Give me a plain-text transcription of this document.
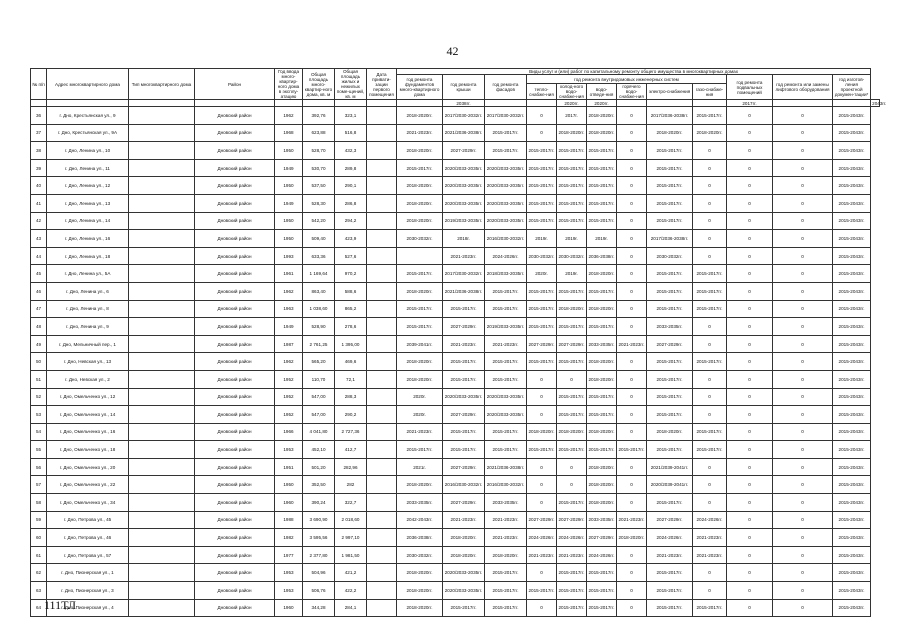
42
№ п/п	Адрес многоквартирного дома	Тип многоквартирного дома	Район	Год ввода много-квартир-ного дома в эксплу-атацию	Общая площадь много-квартир-ного дома, кв. м	Общая площадь жилых и нежилых поме-щений, кв. м	Дата привати-зации первого помещения	Виды услуг и (или) работ по капитальному ремонту общего имущества в многоквартирных домах												
								год ремонта фундаментов много-квартирного дома	год ремонта крыши	год ремонта фасадов	год ремонта внутридомовых инженерных систем						год ремонта подвальных помещений	год ремонта или замены лифтового оборудования	год изготов-ления проектной докумен-тации*	
											тепло-снабже-ния	холод-ного водо-снабже-ния	водо-отведе-ния	горячего водо-снабже-ния	электро-снабжения	газо-снабже-ния				
									2038гг.			2020гг.	2020гг.				2017гг.			2043гг.
36	г. Дно, Крестьянская ул., 9		Дновский район	1962	392,76	323,1		2018-2020гг.	2017/2030-2032гг.	2017/2030-2032гг.	0	2017г.	2018-2020гг.	0	2017/2036-2038гг.	2015-2017гг.	0	0	2015-2043гг.	
37	г. Дно, Крестьянская ул., 9А		Дновский район	1968	623,88	516,8		2021-2023гг.	2021/2036-2038гг.	2015-2017гг.	0	2018-2020гг.	2018-2020гг.	0	2018-2020гг.	2018-2020гг.	0	0	2015-2043гг.	
38	г. Дно, Ленина ул., 10		Дновский район	1950	528,70	432,3		2018-2020гг.	2027-2029гг.	2015-2017гг.	2015-2017гг.	2015-2017гг.	2015-2017гг.	0	2015-2017гг.	0	0	0	2015-2043гг.	
39	г. Дно, Ленина ул., 11		Дновский район	1949	530,70	289,8		2015-2017гг.	2020/2033-2035гг.	2020/2033-2035гг.	2015-2017гг.	2015-2017гг.	2015-2017гг.	0	2015-2017гг.	0	0	0	2015-2043гг.	
40	г. Дно, Ленина ул., 12		Дновский район	1950	537,50	290,1		2018-2020гг.	2020/2033-2035гг.	2020/2033-2035гг.	2015-2017гг.	2015-2017гг.	2015-2017гг.	0	2015-2017гг.	0	0	0	2015-2043гг.	
41	г. Дно, Ленина ул., 13		Дновский район	1949	528,30	286,8		2018-2020гг.	2020/2033-2035гг.	2020/2033-2035гг.	2015-2017гг.	2015-2017гг.	2015-2017гг.	0	2015-2017гг.	0	0	0	2015-2043гг.	
42	г. Дно, Ленина ул., 14		Дновский район	1950	542,20	294,2		2018-2020гг.	2019/2033-2035гг.	2020/2033-2035гг.	2015-2017гг.	2015-2017гг.	2015-2017гг.	0	2015-2017гг.	0	0	0	2015-2043гг.	
43	г. Дно, Ленина ул., 16		Дновский район	1950	509,40	423,9		2030-2032гг.	2018г.	2016/2030-2032гг.	2019г.	2019г.	2019г.	0	2017/2036-2038гг.	0	0	0	2015-2043гг.	
44	г. Дно, Ленина ул., 18		Дновский район	1993	633,36	527,6			2021-2023гг.	2024-2026гг.	2030-2032гг.	2030-2032гг.	2036-2038гг.	0	2030-2032гг.	0	0	0	2015-2043гг.	
45	г. Дно, Ленина ул., 5А		Дновский район	1961	1 169,64	970,2		2015-2017гг.	2017/2030-2032гг.	2018/2033-2035гг.	2020г.	2019г.	2018-2020гг.	0	2015-2017гг.	2015-2017гг.	0	0	2015-2043гг.	
46	г. Дно, Ленина ул., 6		Дновский район	1962	863,40	588,6		2018-2020гг.	2021/2036-2038гг.	2015-2017гг.	2015-2017гг.	2015-2017гг.	2015-2017гг.	0	2015-2017гг.	2015-2017гг.	0	0	2015-2043гг.	
47	г. Дно, Ленина ул., 8		Дновский район	1963	1 038,60	865,2		2015-2017гг.	2015-2017гг.	2015-2017гг.	2015-2017гг.	2018-2020гг.	2018-2020гг.	0	2015-2017гг.	2015-2017гг.	0	0	2015-2043гг.	
48	г. Дно, Ленина ул., 9		Дновский район	1949	528,90	278,6		2015-2017гг.	2027-2029гг.	2019/2033-2035гг.	2015-2017гг.	2015-2017гг.	2015-2017гг.	0	2033-2035гг.	0	0	0	2015-2043гг.	
49	г. Дно, Мельничный пер., 1		Дновский район	1987	2 761,25	1 395,00		2039-2041гг.	2021-2023гг.	2021-2023гг.	2027-2029гг.	2027-2029гг.	2033-2035гг.	2021-2023гг.	2027-2029гг.	0	0	0	2015-2043гг.	
50	г. Дно, Невская ул., 13		Дновский район	1962	565,20	469,6		2018-2020гг.	2015-2017гг.	2015-2017гг.	2015-2017гг.	2015-2017гг.	2018-2020гг.	0	2015-2017гг.	2015-2017гг.	0	0	2015-2043гг.	
51	г. Дно, Невская ул., 2		Дновский район	1952	110,70	72,1		2018-2020гг.	2015-2017гг.	2015-2017гг.	0	0	2018-2020гг.	0	2015-2017гг.	0	0	0	2015-2043гг.	
52	г. Дно, Омельченко ул., 12		Дновский район	1952	547,00	288,3		2020г.	2020/2033-2035гг.	2020/2033-2035гг.	0	2015-2017гг.	2015-2017гг.	0	2015-2017гг.	0	0	0	2015-2043гг.	
53	г. Дно, Омельченко ул., 14		Дновский район	1952	547,00	290,2		2020г.	2027-2029гг.	2020/2033-2035гг.	0	2015-2017гг.	2015-2017гг.	0	2015-2017гг.	0	0	0	2015-2043гг.	
54	г. Дно, Омельченко ул., 16		Дновский район	1966	4 041,80	2 727,36		2021-2023гг.	2015-2017гг.	2015-2017гг.	2018-2020гг.	2018-2020гг.	2018-2020гг.	0	2018-2020гг.	2015-2017гг.	0	0	2015-2043гг.	
55	г. Дно, Омельченко ул., 18		Дновский район	1953	452,10	412,7		2015-2017гг.	2015-2017гг.	2015-2017гг.	2015-2017гг.	2015-2017гг.	2015-2017гг.	2015-2017гг.	2015-2017гг.	2015-2017гг.	0	0	2015-2043гг.	
56	г. Дно, Омельченко ул., 20		Дновский район	1951	501,20	282,96		2021г.	2027-2029гг.	2021/2036-2038гг.	0	0	2018-2020гг.	0	2021/2039-2041гг.	0	0	0	2015-2043гг.	
57	г. Дно, Омельченко ул., 22		Дновский район	1950	352,50	282		2018-2020гг.	2016/2030-2032гг.	2016/2030-2032гг.	0	0	2018-2020гг.	0	2020/2039-2041гг.	0	0	0	2015-2043гг.	
58	г. Дно, Омельченко ул., 34		Дновский район	1960	390,24	322,7		2033-2035гг.	2027-2029гг.	2033-2035гг.	0	2015-2017гг.	2018-2020гг.	0	2015-2017гг.	0	0	0	2015-2043гг.	
59	г. Дно, Петрова ул., 45		Дновский район	1988	3 690,90	2 018,60		2042-2043гг.	2021-2023гг.	2021-2023гг.	2027-2029гг.	2027-2029гг.	2033-2035гг.	2021-2023гг.	2027-2029гг.	2024-2026гг.	0	0	2015-2043гг.	
60	г. Дно, Петрова ул., 46		Дновский район	1982	3 595,56	2 997,10		2036-2038гг.	2018-2020гг.	2021-2023гг.	2024-2026гг.	2024-2026гг.	2027-2029гг.	2018-2020гг.	2024-2026гг.	2021-2023гг.	0	0	2015-2043гг.	
61	г. Дно, Петрова ул., 57		Дновский район	1977	2 377,80	1 981,50		2030-2032гг.	2018-2020гг.	2018-2020гг.	2021-2023гг.	2021-2023гг.	2024-2026гг.	0	2021-2023гг.	2021-2023гг.	0	0	2015-2043гг.	
62	г. Дно, Пионерская ул., 1		Дновский район	1953	504,96	421,2		2018-2020гг.	2020/2033-2035гг.	2015-2017гг.	0	2015-2017гг.	2015-2017гг.	0	2015-2017гг.	0	0	0	2015-2043гг.	
63	г. Дно, Пионерская ул., 3		Дновский район	1953	506,76	422,2		2018-2020гг.	2020/2033-2035гг.	2015-2017гг.	2015-2017гг.	2015-2017гг.	2015-2017гг.	0	2015-2017гг.	0	0	0	2015-2043гг.	
64	г. Дно, Пионерская ул., 4		Дновский район	1960	344,28	284,1		2018-2020гг.	2015-2017гг.	2015-2017гг.	0	2015-2017гг.	2015-2017гг.	0	2015-2017гг.	2015-2017гг.	0	0	2015-2043гг.	
111ТЛ
